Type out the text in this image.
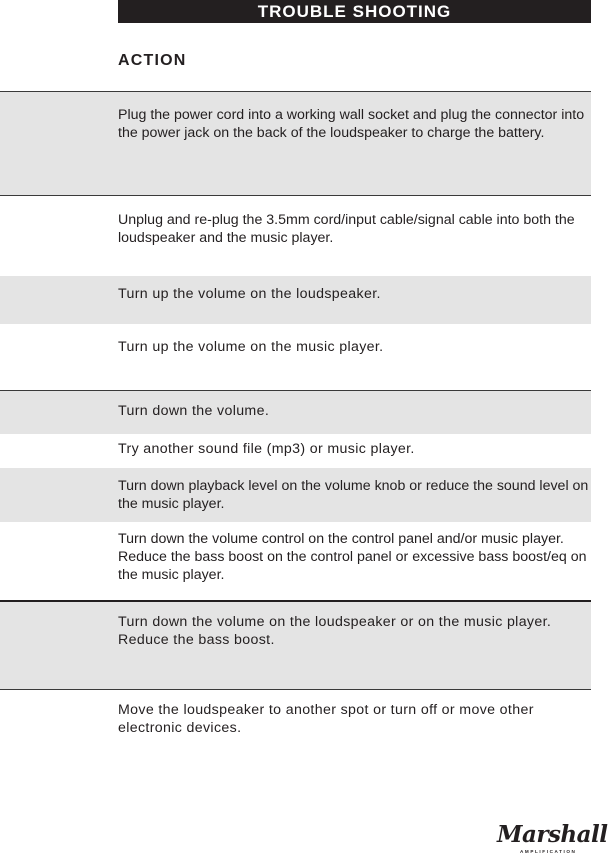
TROUBLE SHOOTING
ACTION
Plug the power cord into a working wall socket and plug the connector into the power jack on the back of the loudspeaker to charge the battery.
Unplug and re-plug the 3.5mm cord/input cable/signal cable into both the loudspeaker and the music player.
Turn up the volume on the loudspeaker.
Turn up the volume on the music player.
Turn down the volume.
Try another sound file (mp3) or music player.
Turn down playback level on the volume knob or reduce the sound level on the music player.
Turn down the volume control on the control panel and/or music player. Reduce the bass boost on the control panel or excessive bass boost/eq on the music player.
Turn down the volume on the loudspeaker or on the music player. Reduce the bass boost.
Move the loudspeaker to another spot or turn off or move other electronic devices.
Marshall
AMPLIFICATION
